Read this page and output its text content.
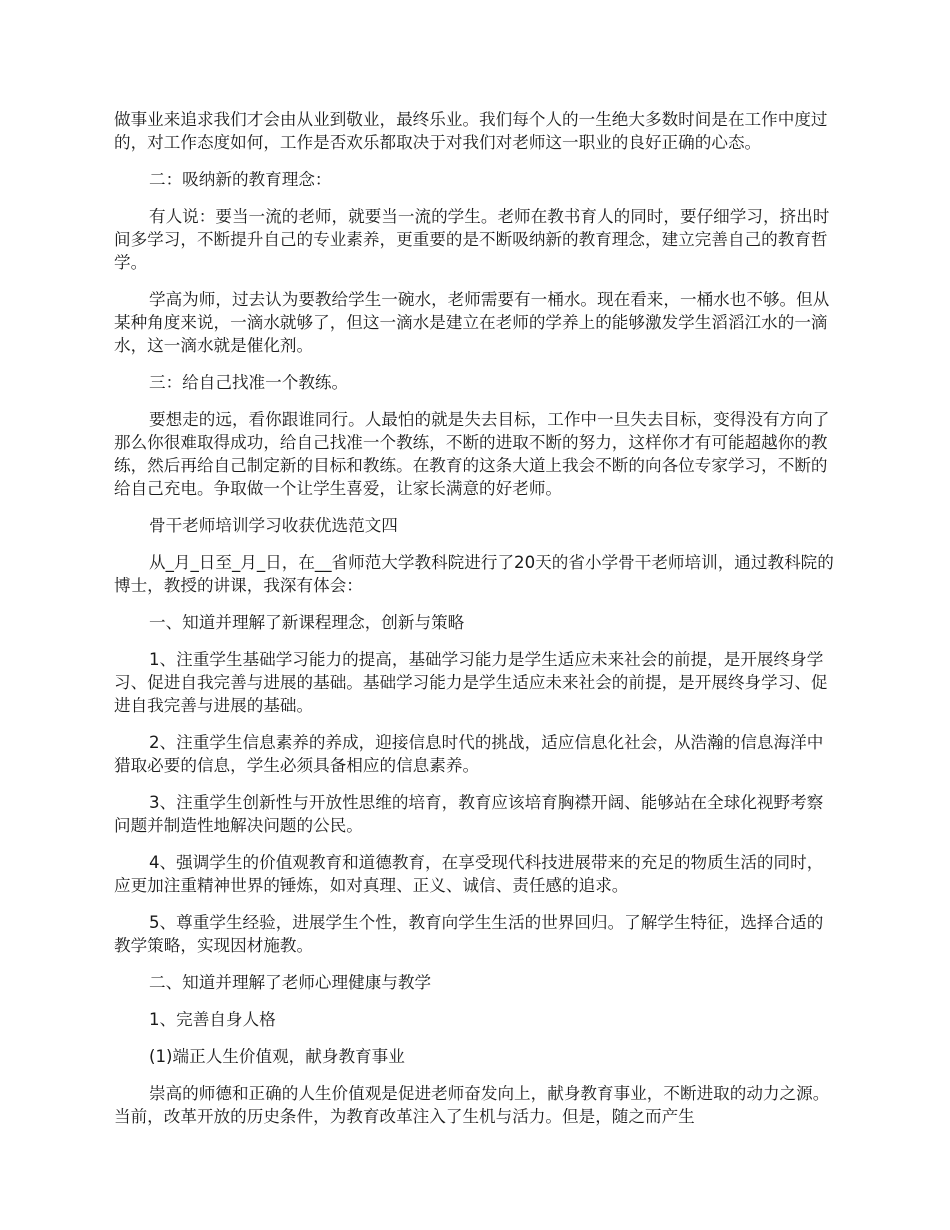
做事业来追求我们才会由从业到敬业，最终乐业。我们每个人的一生绝大多数时间是在工作中度过的，对工作态度如何，工作是否欢乐都取决于对我们对老师这一职业的良好正确的心态。

二：吸纳新的教育理念：

有人说：要当一流的老师，就要当一流的学生。老师在教书育人的同时，要仔细学习，挤出时间多学习，不断提升自己的专业素养，更重要的是不断吸纳新的教育理念，建立完善自己的教育哲学。

学高为师，过去认为要教给学生一碗水，老师需要有一桶水。现在看来，一桶水也不够。但从某种角度来说，一滴水就够了，但这一滴水是建立在老师的学养上的能够激发学生滔滔江水的一滴水，这一滴水就是催化剂。

三：给自己找准一个教练。

要想走的远，看你跟谁同行。人最怕的就是失去目标，工作中一旦失去目标，变得没有方向了那么你很难取得成功，给自己找准一个教练，不断的进取不断的努力，这样你才有可能超越你的教练，然后再给自己制定新的目标和教练。在教育的这条大道上我会不断的向各位专家学习，不断的给自己充电。争取做一个让学生喜爱，让家长满意的好老师。

骨干老师培训学习收获优选范文四

从_月_日至_月_日，在__省师范大学教科院进行了20天的省小学骨干老师培训，通过教科院的博士，教授的讲课，我深有体会：

一、知道并理解了新课程理念，创新与策略

1、注重学生基础学习能力的提高，基础学习能力是学生适应未来社会的前提，是开展终身学习、促进自我完善与进展的基础。基础学习能力是学生适应未来社会的前提，是开展终身学习、促进自我完善与进展的基础。

2、注重学生信息素养的养成，迎接信息时代的挑战，适应信息化社会，从浩瀚的信息海洋中猎取必要的信息，学生必须具备相应的信息素养。

3、注重学生创新性与开放性思维的培育，教育应该培育胸襟开阔、能够站在全球化视野考察问题并制造性地解决问题的公民。

4、强调学生的价值观教育和道德教育，在享受现代科技进展带来的充足的物质生活的同时，应更加注重精神世界的锤炼，如对真理、正义、诚信、责任感的追求。

5、尊重学生经验，进展学生个性，教育向学生生活的世界回归。了解学生特征，选择合适的教学策略，实现因材施教。

二、知道并理解了老师心理健康与教学

1、完善自身人格

(1)端正人生价值观，献身教育事业

崇高的师德和正确的人生价值观是促进老师奋发向上，献身教育事业，不断进取的动力之源。当前，改革开放的历史条件，为教育改革注入了生机与活力。但是，随之而产生
